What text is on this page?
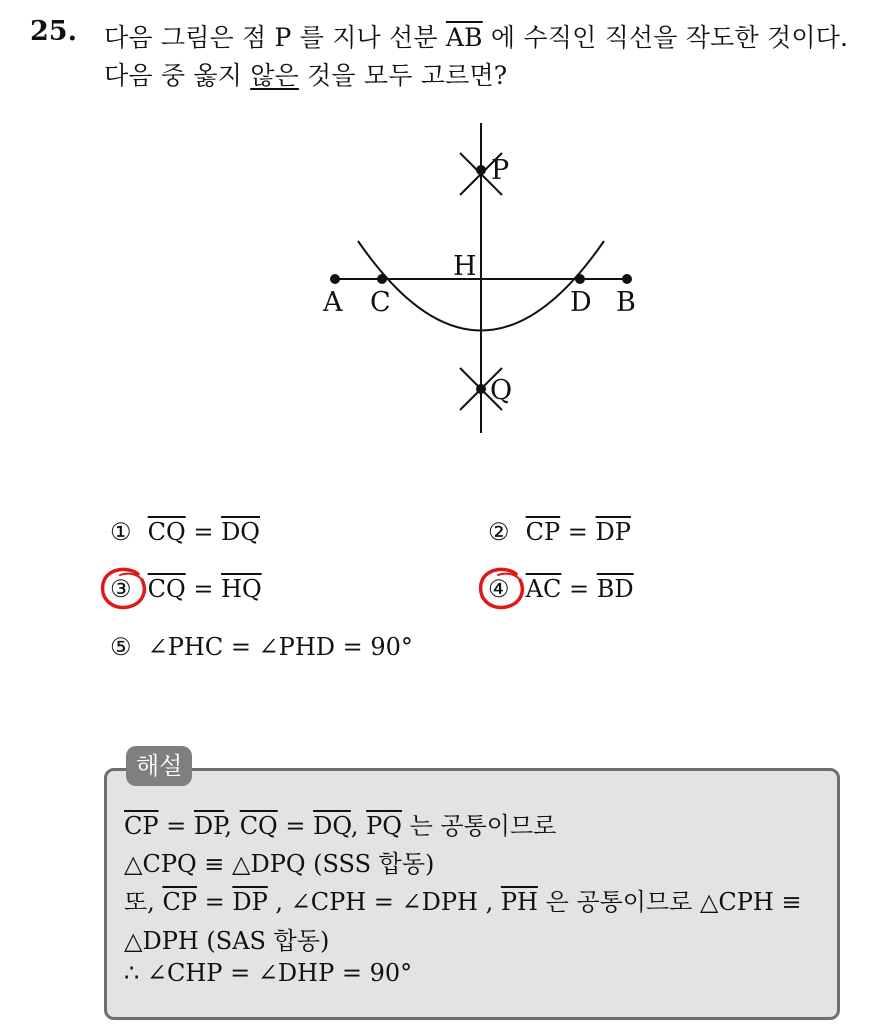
25. 다음 그림은 점 P 를 지나 선분 $\overline{AB}$ 에 수직인 직선을 작도한 것이다.
다음 중 옳지 않은 것을 모두 고르면?
P
H
A C	D B
Q
① $\overline{CQ} = \overline{DQ}$	② $\overline{CP} = \overline{DP}$
③ $\overline{CQ} = \overline{HQ}$	④ $\overline{AC} = \overline{BD}$
⑤ ∠PHC = ∠PHD = 90°
해설
$\overline{CP} = \overline{DP}$, $\overline{CQ} = \overline{DQ}$, $\overline{PQ}$ 는 공통이므로
△CPQ ≡ △DPQ (SSS 합동)
또, $\overline{CP} = \overline{DP}$ , ∠CPH = ∠DPH , $\overline{PH}$ 은 공통이므로 △CPH ≡
△DPH (SAS 합동)
∴ ∠CHP = ∠DHP = 90°
